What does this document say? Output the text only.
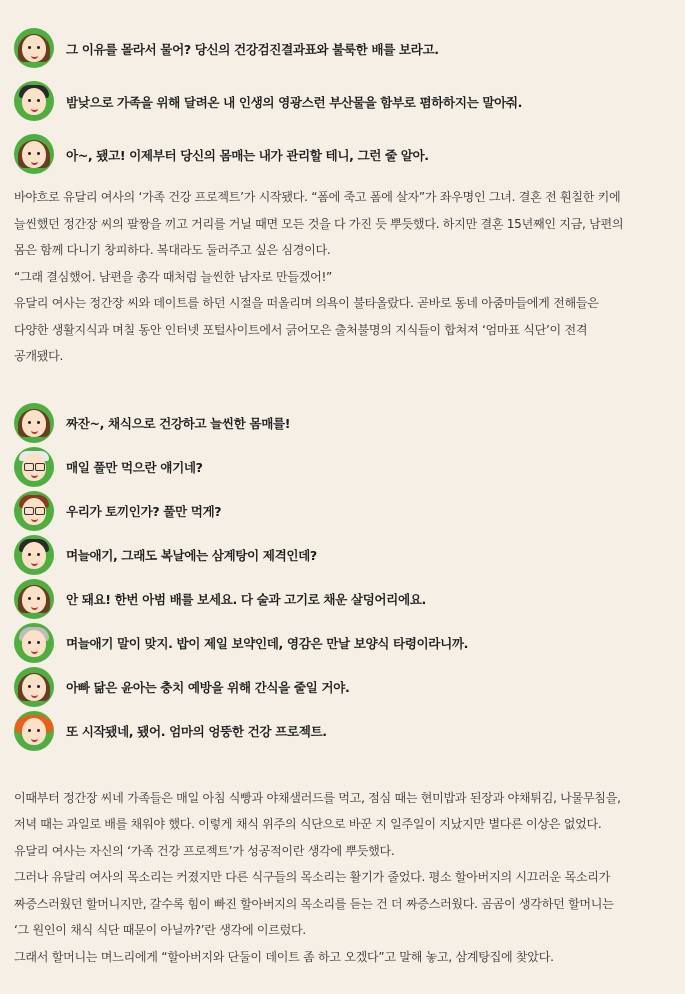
그 이유를 몰라서 물어? 당신의 건강검진결과표와 불룩한 배를 보라고.
밤낮으로 가족을 위해 달려온 내 인생의 영광스런 부산물을 함부로 폄하하지는 말아줘.
아~, 됐고! 이제부터 당신의 몸매는 내가 관리할 테니, 그런 줄 알아.

바야흐로 유달리 여사의 ‘가족 건강 프로젝트’가 시작됐다. “폼에 죽고 폼에 살자”가 좌우명인 그녀. 결혼 전 훤칠한 키에

늘씬했던 정간장 씨의 팔짱을 끼고 거리를 거닐 때면 모든 것을 다 가진 듯 뿌듯했다. 하지만 결혼 15년째인 지금, 남편의

몸은 함께 다니기 창피하다. 복대라도 둘러주고 싶은 심경이다.

“그래 결심했어. 남편을 총각 때처럼 늘씬한 남자로 만들겠어!”

유달리 여사는 정간장 씨와 데이트를 하던 시절을 떠올리며 의욕이 불타올랐다. 곧바로 동네 아줌마들에게 전해들은

다양한 생활지식과 며칠 동안 인터넷 포털사이트에서 긁어모은 출처불명의 지식들이 합쳐져 ‘엄마표 식단’이 전격

공개됐다.

짜잔~, 채식으로 건강하고 늘씬한 몸매를!
매일 풀만 먹으란 얘기네?
우리가 토끼인가? 풀만 먹게?
며늘애기, 그래도 복날에는 삼계탕이 제격인데?
안 돼요! 한번 아범 배를 보세요. 다 술과 고기로 채운 살덩어리에요.
며늘애기 말이 맞지. 밥이 제일 보약인데, 영감은 만날 보양식 타령이라니까.
아빠 닮은 윤아는 충치 예방을 위해 간식을 줄일 거야.
또 시작됐네, 됐어. 엄마의 엉뚱한 건강 프로젝트.

이때부터 정간장 씨네 가족들은 매일 아침 식빵과 야채샐러드를 먹고, 점심 때는 현미밥과 된장과 야채튀김, 나물무침을,

저녁 때는 과일로 배를 채워야 했다. 이렇게 채식 위주의 식단으로 바꾼 지 일주일이 지났지만 별다른 이상은 없었다.

유달리 여사는 자신의 ‘가족 건강 프로젝트’가 성공적이란 생각에 뿌듯했다.

그러나 유달리 여사의 목소리는 커졌지만 다른 식구들의 목소리는 활기가 줄었다. 평소 할아버지의 시끄러운 목소리가

짜증스러웠던 할머니지만, 갈수록 힘이 빠진 할아버지의 목소리를 듣는 건 더 짜증스러웠다. 곰곰이 생각하던 할머니는

‘그 원인이 채식 식단 때문이 아닐까?’란 생각에 이르렀다.

그래서 할머니는 며느리에게 “할아버지와 단둘이 데이트 좀 하고 오겠다”고 말해 놓고, 삼계탕집에 찾았다.
